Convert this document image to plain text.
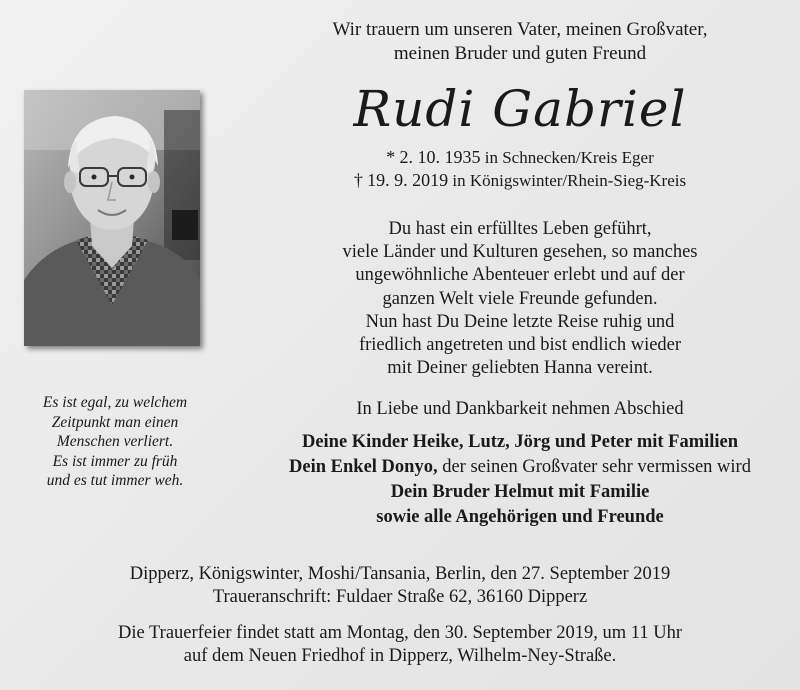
Es ist egal, zu welchem
Zeitpunkt man einen
Menschen verliert.
Es ist immer zu früh
und es tut immer weh.
Wir trauern um unseren Vater, meinen Großvater,
meinen Bruder und guten Freund
Rudi Gabriel
* 2. 10. 1935 in Schnecken/Kreis Eger
† 19. 9. 2019 in Königswinter/Rhein-Sieg-Kreis
Du hast ein erfülltes Leben geführt,
viele Länder und Kulturen gesehen, so manches
ungewöhnliche Abenteuer erlebt und auf der
ganzen Welt viele Freunde gefunden.
Nun hast Du Deine letzte Reise ruhig und
friedlich angetreten und bist endlich wieder
mit Deiner geliebten Hanna vereint.
In Liebe und Dankbarkeit nehmen Abschied
Deine Kinder Heike, Lutz, Jörg und Peter mit Familien
Dein Enkel Donyo, der seinen Großvater sehr vermissen wird
Dein Bruder Helmut mit Familie
sowie alle Angehörigen und Freunde
Dipperz, Königswinter, Moshi/Tansania, Berlin, den 27. September 2019
Traueranschrift: Fuldaer Straße 62, 36160 Dipperz
Die Trauerfeier findet statt am Montag, den 30. September 2019, um 11 Uhr
auf dem Neuen Friedhof in Dipperz, Wilhelm-Ney-Straße.
